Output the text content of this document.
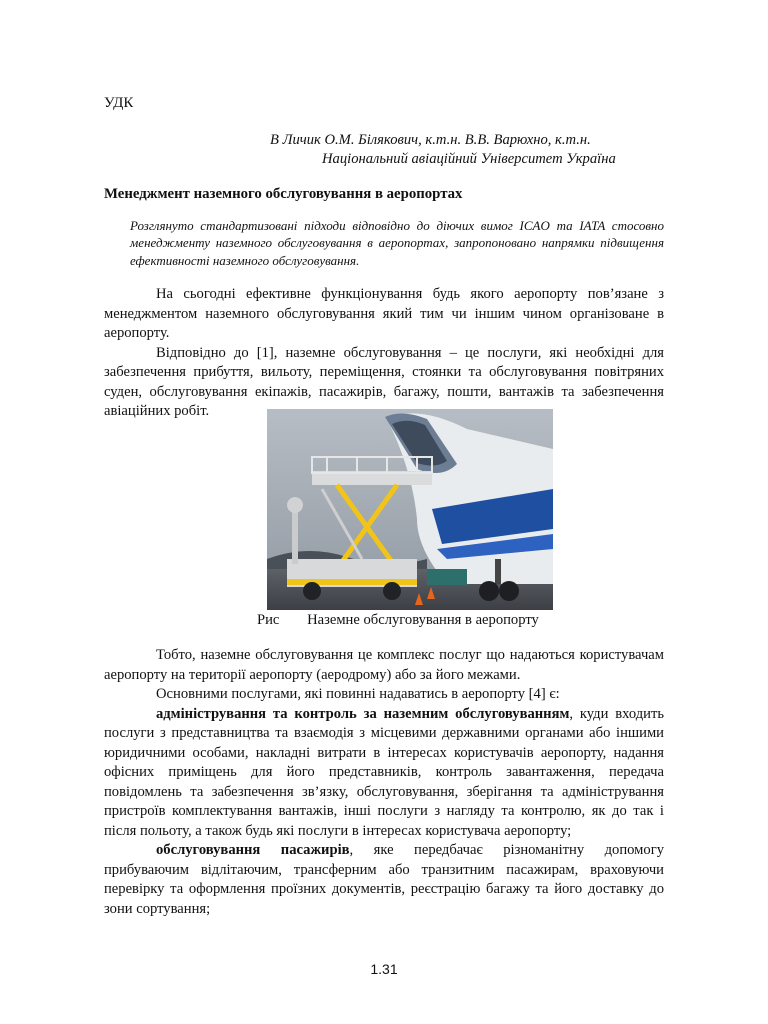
УДК
В Личик О.М. Білякович, к.т.н. В.В. Варюхно, к.т.н.
Національний авіаційний Університет Україна
Менеджмент наземного обслуговування в аеропортах
Розглянуто стандартизовані підходи відповідно до діючих вимог ICAO та IATA стосовно менеджменту наземного обслуговування в аеропортах, запропоновано напрямки підвищення ефективності наземного обслуговування.

На сьогодні ефективне функціонування будь якого аеропорту пов’язане з менеджментом наземного обслуговування який тим чи іншим чином організоване в аеропорту.

Відповідно до [1], наземне обслуговування – це послуги, які необхідні для забезпечення прибуття, вильоту, переміщення, стоянки та обслуговування повітряних суден, обслуговування екіпажів, пасажирів, багажу, пошти, вантажів та забезпечення авіаційних робіт.

Рис Наземне обслуговування в аеропорту

Тобто, наземне обслуговування це комплекс послуг що надаються користувачам аеропорту на території аеропорту (аеродрому) або за його межами.

Основними послугами, які повинні надаватись в аеропорту [4] є:

адміністрування та контроль за наземним обслуговуванням, куди входить послуги з представництва та взаємодія з місцевими державними органами або іншими юридичними особами, накладні витрати в інтересах користувачів аеропорту, надання офісних приміщень для його представників, контроль завантаження, передача повідомлень та забезпечення зв’язку, обслуговування, зберігання та адміністрування пристроїв комплектування вантажів, інші послуги з нагляду та контролю, як до так і після польоту, а також будь які послуги в інтересах користувача аеропорту;

обслуговування пасажирів, яке передбачає різноманітну допомогу прибуваючим відлітаючим, трансферним або транзитним пасажирам, враховуючи перевірку та оформлення проїзних документів, реєстрацію багажу та його доставку до зони сортування;

1.31
